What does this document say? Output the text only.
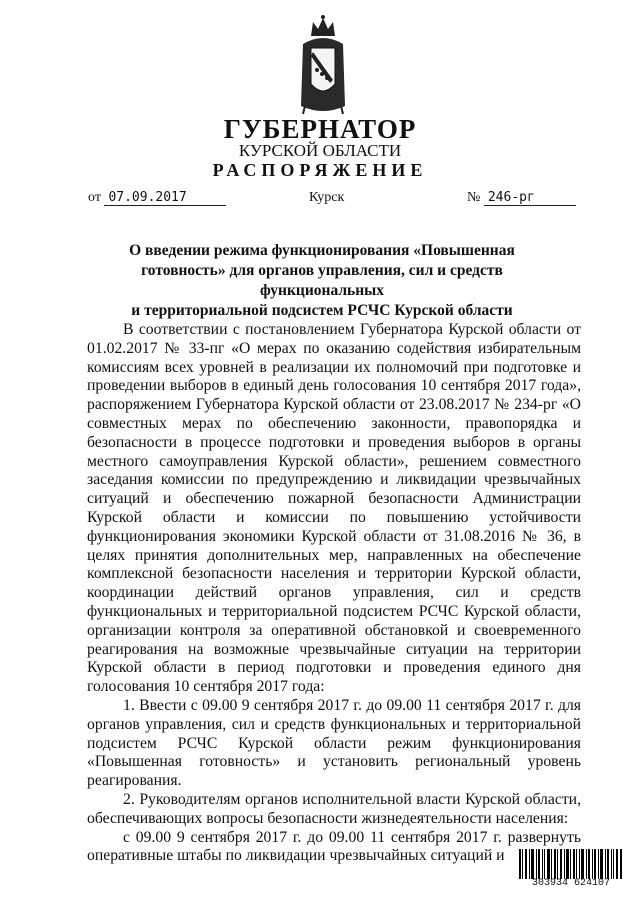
ГУБЕРНАТОР
КУРСКОЙ ОБЛАСТИ
РАСПОРЯЖЕНИЕ
от 07.09.2017	Курск	№ 246-рг
О введении режима функционирования «Повышенная
готовность» для органов управления, сил и средств функциональных
и территориальной подсистем РСЧС Курской области

В соответствии с постановлением Губернатора Курской области от 01.02.2017 № 33-пг «О мерах по оказанию содействия избирательным комиссиям всех уровней в реализации их полномочий при подготовке и проведении выборов в единый день голосования 10 сентября 2017 года», распоряжением Губернатора Курской области от 23.08.2017 № 234-рг «О совместных мерах по обеспечению законности, правопорядка и безопасности в процессе подготовки и проведения выборов в органы местного самоуправления Курской области», решением совместного заседания комиссии по предупреждению и ликвидации чрезвычайных ситуаций и обеспечению пожарной безопасности Администрации Курской области и комиссии по повышению устойчивости функционирования экономики Курской области от 31.08.2016 № 36, в целях принятия дополнительных мер, направленных на обеспечение комплексной безопасности населения и территории Курской области, координации действий органов управления, сил и средств функциональных и территориальной подсистем РСЧС Курской области, организации контроля за оперативной обстановкой и своевременного реагирования на возможные чрезвычайные ситуации на территории Курской области в период подготовки и проведения единого дня голосования 10 сентября 2017 года:

1. Ввести с 09.00 9 сентября 2017 г. до 09.00 11 сентября 2017 г. для органов управления, сил и средств функциональных и территориальной подсистем РСЧС Курской области режим функционирования «Повышенная готовность» и установить региональный уровень реагирования.

2. Руководителям органов исполнительной власти Курской области, обеспечивающих вопросы безопасности жизнедеятельности населения:

с 09.00 9 сентября 2017 г. до 09.00 11 сентября 2017 г. развернуть оперативные штабы по ликвидации чрезвычайных ситуаций и

303934 624107
